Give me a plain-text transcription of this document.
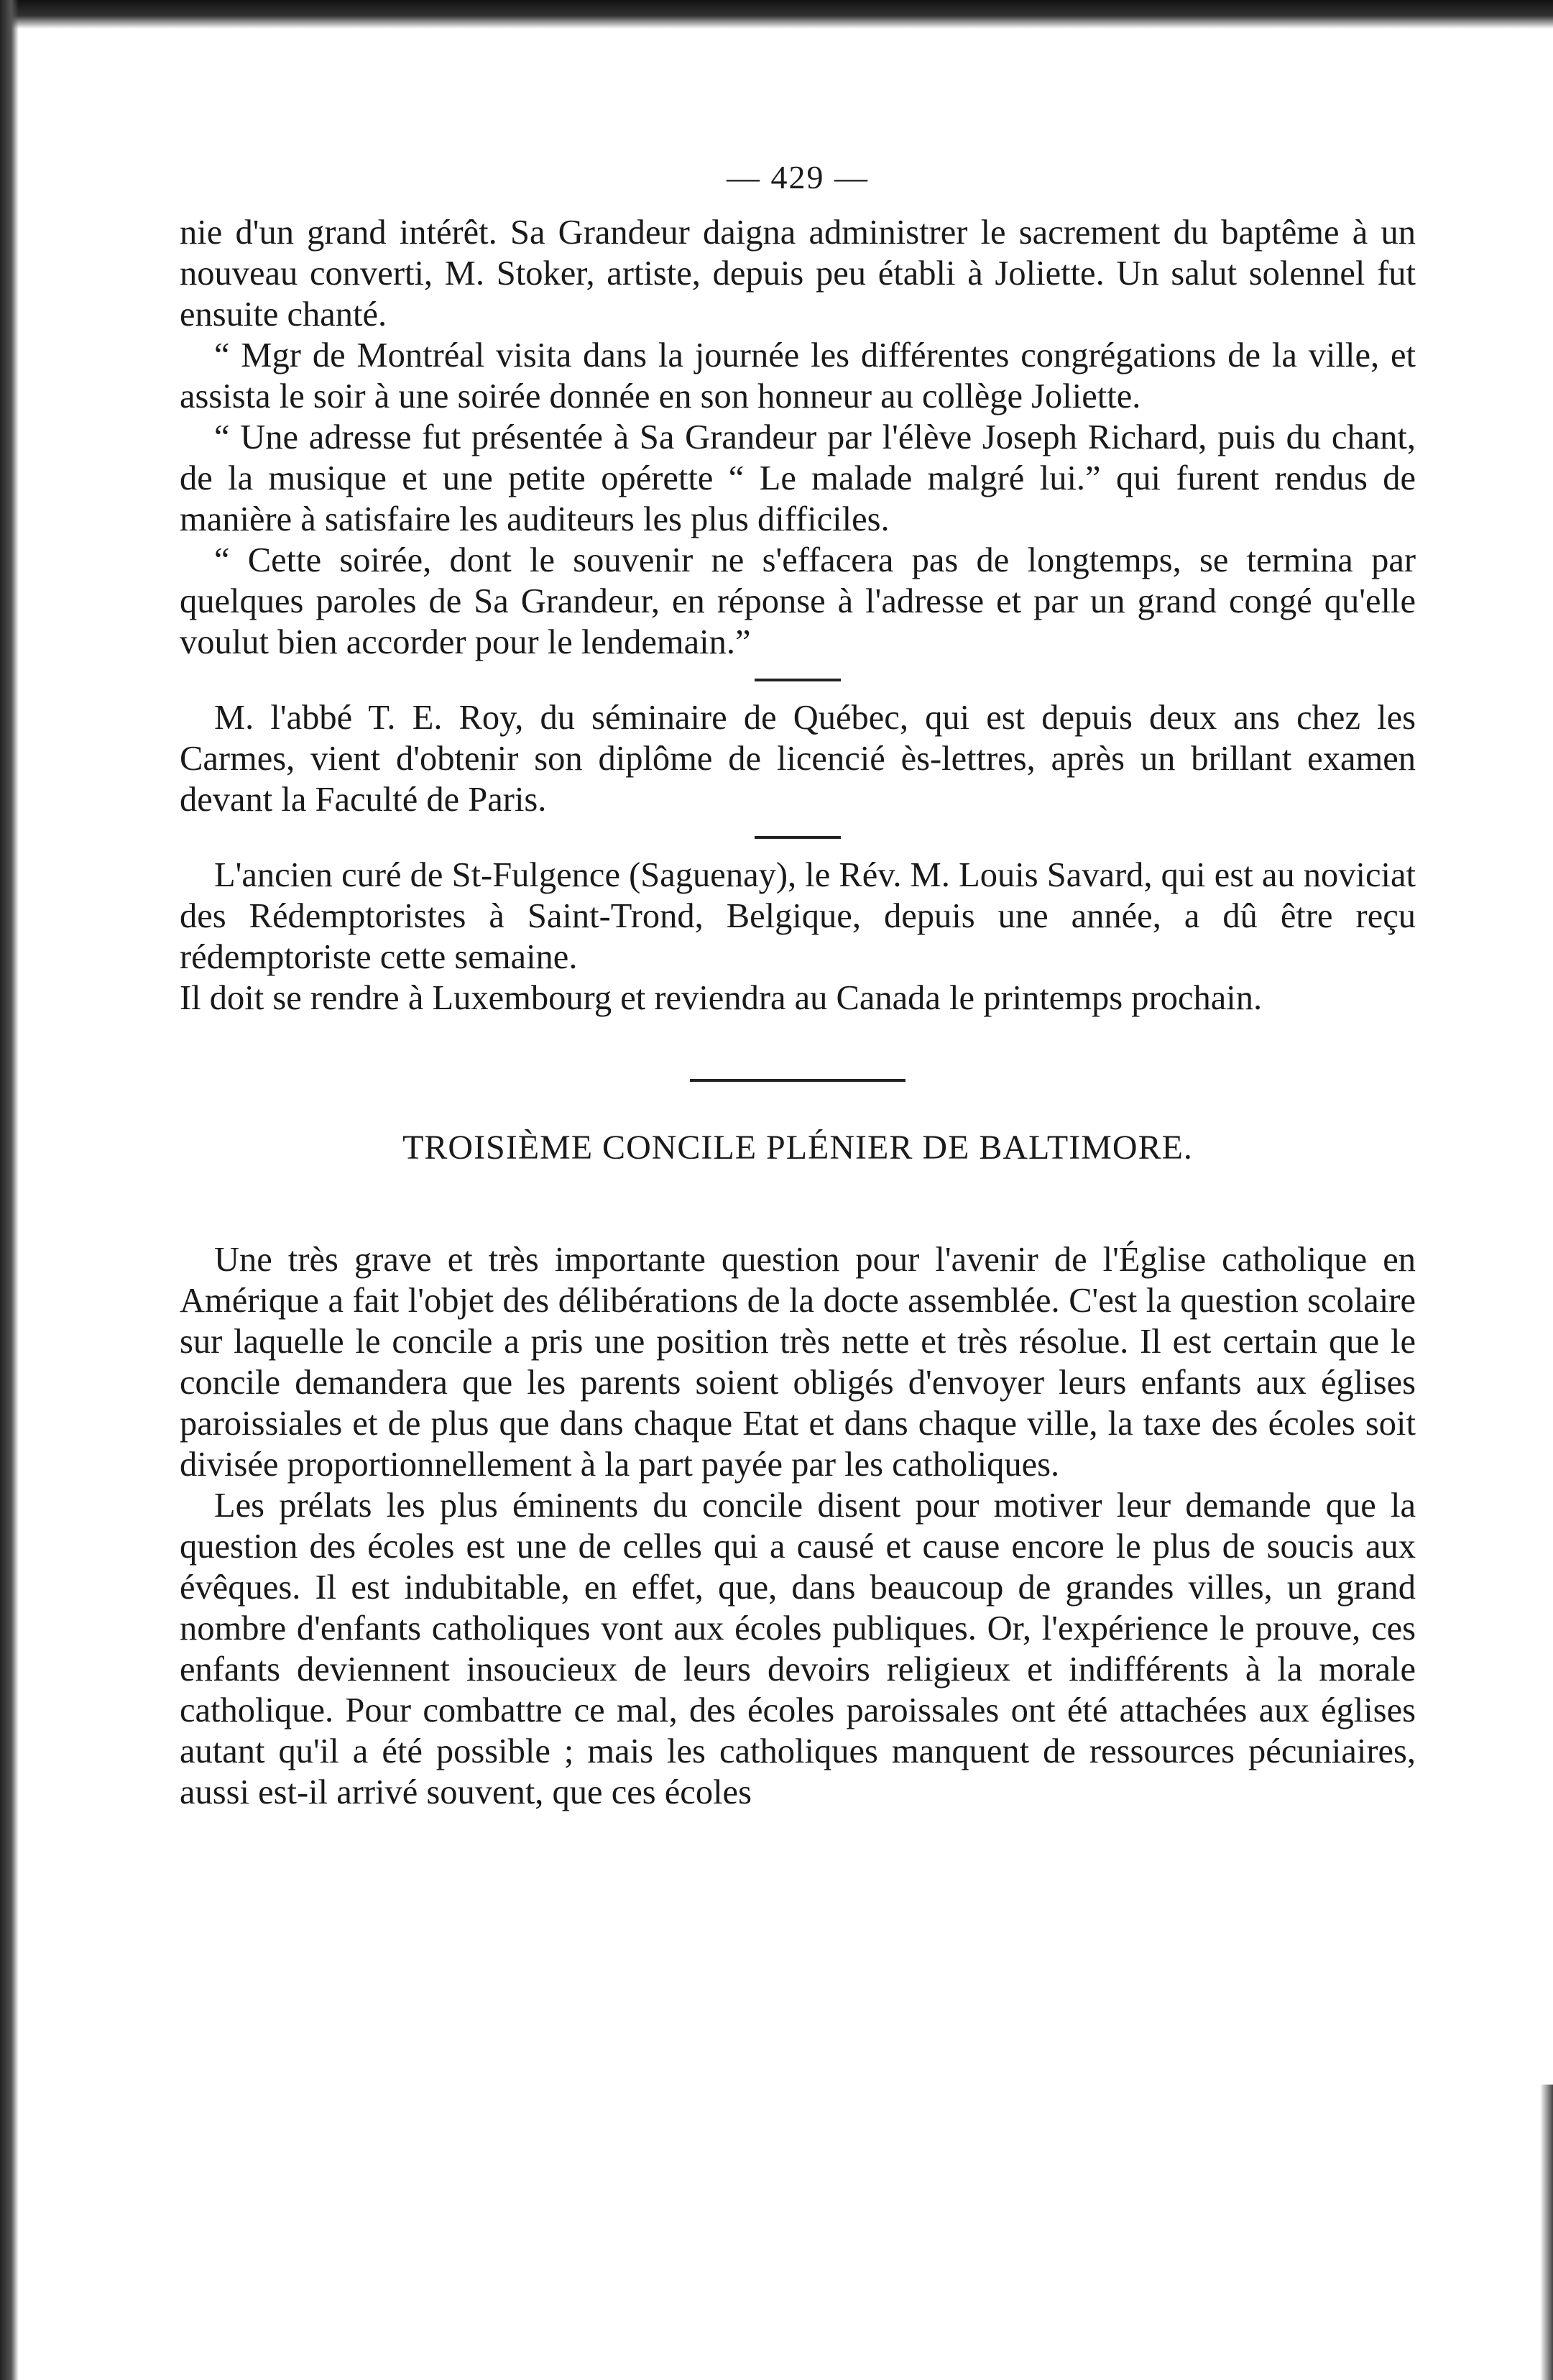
— 429 —

nie d'un grand intérêt. Sa Grandeur daigna administrer le sacrement du baptême à un nouveau converti, M. Stoker, artiste, depuis peu établi à Joliette. Un salut solennel fut ensuite chanté.

“ Mgr de Montréal visita dans la journée les différentes congrégations de la ville, et assista le soir à une soirée donnée en son honneur au collège Joliette.

“ Une adresse fut présentée à Sa Grandeur par l'élève Joseph Richard, puis du chant, de la musique et une petite opérette “ Le malade malgré lui.” qui furent rendus de manière à satisfaire les auditeurs les plus difficiles.

“ Cette soirée, dont le souvenir ne s'effacera pas de longtemps, se termina par quelques paroles de Sa Grandeur, en réponse à l'adresse et par un grand congé qu'elle voulut bien accorder pour le lendemain.”

M. l'abbé T. E. Roy, du séminaire de Québec, qui est depuis deux ans chez les Carmes, vient d'obtenir son diplôme de licencié ès-lettres, après un brillant examen devant la Faculté de Paris.

L'ancien curé de St-Fulgence (Saguenay), le Rév. M. Louis Savard, qui est au noviciat des Rédemptoristes à Saint-Trond, Belgique, depuis une année, a dû être reçu rédemptoriste cette semaine.

Il doit se rendre à Luxembourg et reviendra au Canada le printemps prochain.

TROISIÈME CONCILE PLÉNIER DE BALTIMORE.

Une très grave et très importante question pour l'avenir de l'Église catholique en Amérique a fait l'objet des délibérations de la docte assemblée. C'est la question scolaire sur laquelle le concile a pris une position très nette et très résolue. Il est certain que le concile demandera que les parents soient obligés d'envoyer leurs enfants aux églises paroissiales et de plus que dans chaque Etat et dans chaque ville, la taxe des écoles soit divisée proportionnellement à la part payée par les catholiques.

Les prélats les plus éminents du concile disent pour motiver leur demande que la question des écoles est une de celles qui a causé et cause encore le plus de soucis aux évêques. Il est indubitable, en effet, que, dans beaucoup de grandes villes, un grand nombre d'enfants catholiques vont aux écoles publiques. Or, l'expérience le prouve, ces enfants deviennent insoucieux de leurs devoirs religieux et indifférents à la morale catholique. Pour combattre ce mal, des écoles paroissales ont été attachées aux églises autant qu'il a été possible ; mais les catholiques manquent de ressources pécuniaires, aussi est-il arrivé souvent, que ces écoles
